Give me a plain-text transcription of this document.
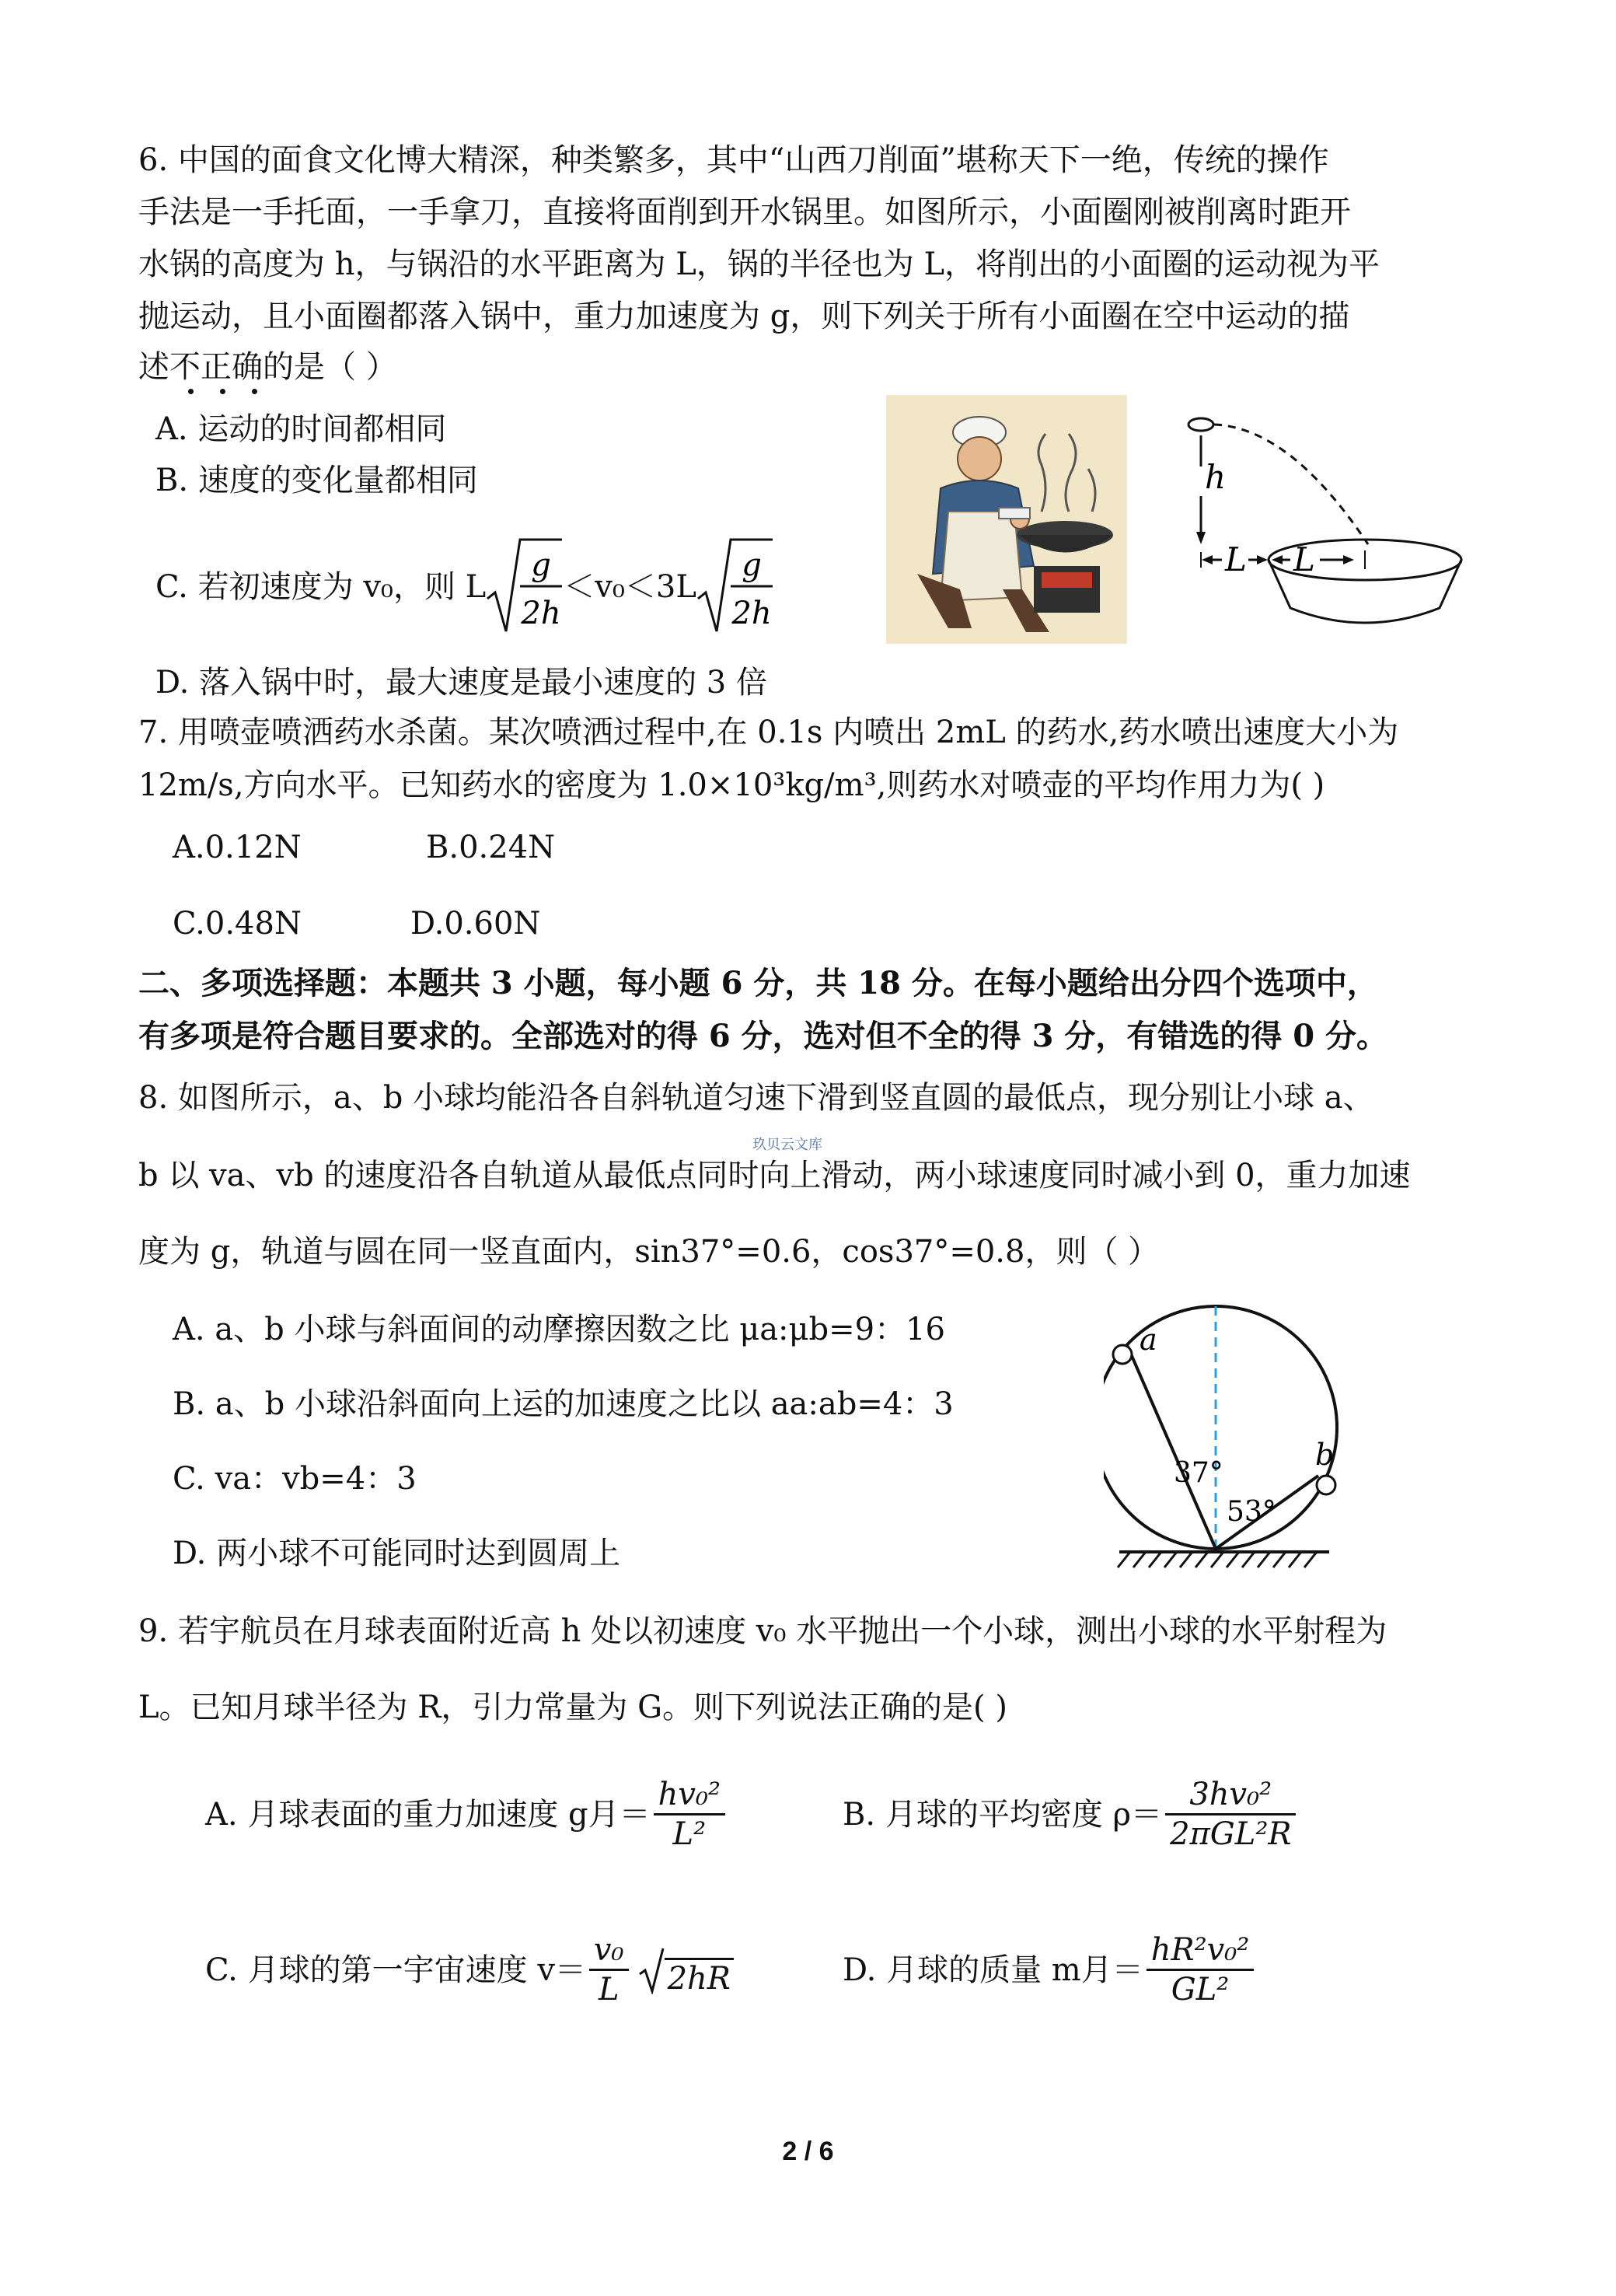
6. 中国的面食文化博大精深，种类繁多，其中“山西刀削面”堪称天下一绝，传统的操作
手法是一手托面，一手拿刀，直接将面削到开水锅里。如图所示，小面圈刚被削离时距开
水锅的高度为 h，与锅沿的水平距离为 L，锅的半径也为 L，将削出的小面圈的运动视为平
抛运动，且小面圈都落入锅中，重力加速度为 g，则下列关于所有小面圈在空中运动的描
述不正确的是（ ）
A. 运动的时间都相同
B. 速度的变化量都相同
C. 若初速度为 v₀，则 L
g
2h
＜v₀＜3L
g
2h
D. 落入锅中时，最大速度是最小速度的 3 倍
h
L L
7. 用喷壶喷洒药水杀菌。某次喷洒过程中,在 0.1s 内喷出 2mL 的药水,药水喷出速度大小为
12m/s,方向水平。已知药水的密度为 1.0×10³kg/m³,则药水对喷壶的平均作用力为( )
A.0.12N	B.0.24N
C.0.48N	D.0.60N
二、多项选择题：本题共 3 小题，每小题 6 分，共 18 分。在每小题给出分四个选项中，
有多项是符合题目要求的。全部选对的得 6 分，选对但不全的得 3 分，有错选的得 0 分。
8. 如图所示，a、b 小球均能沿各自斜轨道匀速下滑到竖直圆的最低点，现分别让小球 a、
b 以 va、vb 的速度沿各自轨道从最低点同时向上滑动，两小球速度同时减小到 0，重力加速
度为 g，轨道与圆在同一竖直面内，sin37°=0.6，cos37°=0.8，则（ ）
玖贝云文库
A. a、b 小球与斜面间的动摩擦因数之比 μa:μb=9：16
B. a、b 小球沿斜面向上运的加速度之比以 aa:ab=4：3
C. va：vb=4：3
D. 两小球不可能同时达到圆周上
a
b
37°
53°
9. 若宇航员在月球表面附近高 h 处以初速度 v₀ 水平抛出一个小球，测出小球的水平射程为
L。已知月球半径为 R，引力常量为 G。则下列说法正确的是( )
A. 月球表面的重力加速度 g月＝ $\frac{\text{hv₀²}}{\text{L²}}$	B. 月球的平均密度 $\rho= \frac{\text{3hv₀²}}{\text{2πGL²R}}$
C. 月球的第一宇宙速度 $v= \frac{\text{v₀}}{L} 2hR$	D. 月球的质量 m月＝ $\frac{\text{hR²v₀²}}{\text{GL²}}$
2 / 6
